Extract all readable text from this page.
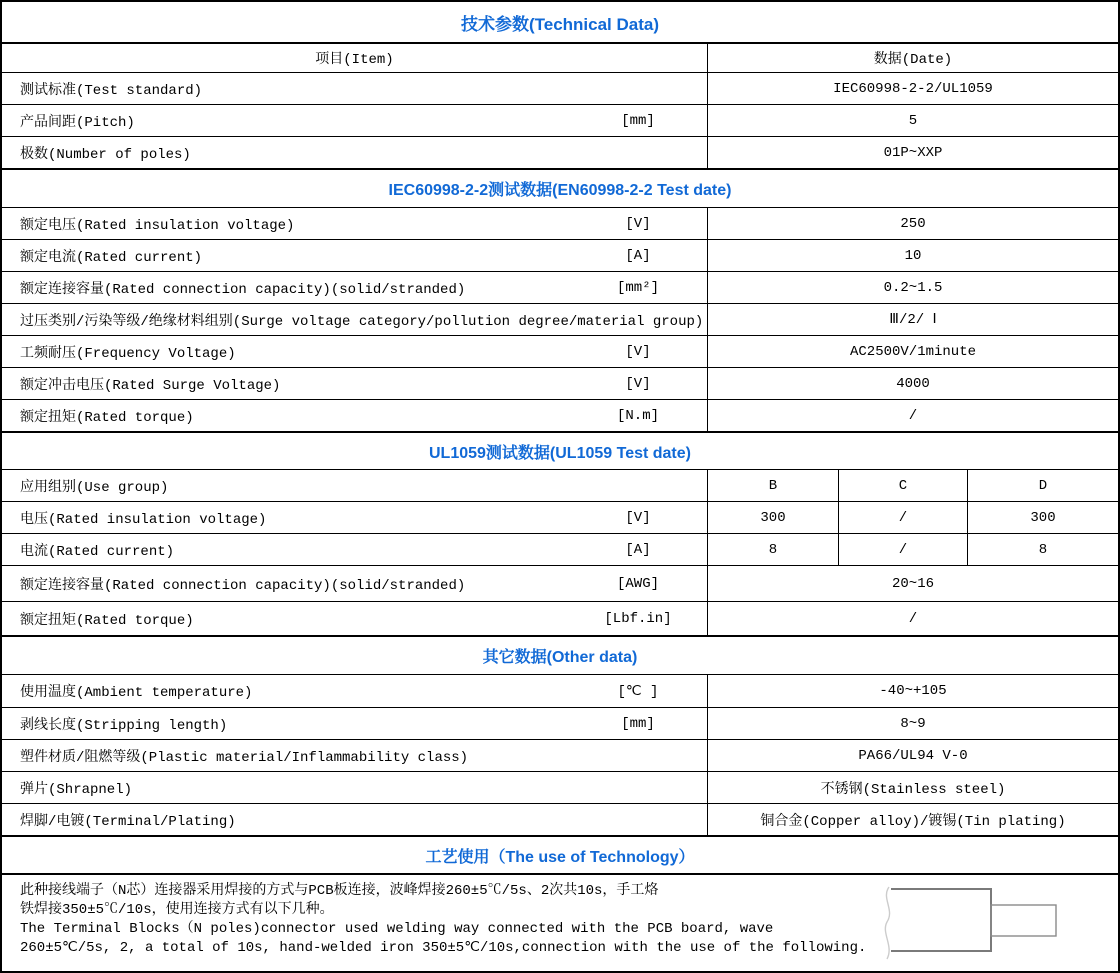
技术参数(Technical Data)
项目(Item)	数据(Date)
测试标准(Test standard)	IEC60998-2-2/UL1059
产品间距(Pitch)	[mm]	5
极数(Number of poles)	01P~XXP
IEC60998-2-2测试数据(EN60998-2-2 Test date)
额定电压(Rated insulation voltage)	[V]	250
额定电流(Rated current)	[A]	10
额定连接容量(Rated connection capacity)(solid/stranded)	[mm²]	0.2~1.5
过压类别/污染等级/绝缘材料组别(Surge voltage category/pollution degree/material group)	Ⅲ/2/ Ⅰ
工频耐压(Frequency Voltage)	[V]	AC2500V/1minute
额定冲击电压(Rated Surge Voltage)	[V]	4000
额定扭矩(Rated torque)	[N.m]	/
UL1059测试数据(UL1059 Test date)
应用组别(Use group)	B	C	D
电压(Rated insulation voltage)	[V]	300	/	300
电流(Rated current)	[A]	8	/	8
额定连接容量(Rated connection capacity)(solid/stranded)	[AWG]	20~16
额定扭矩(Rated torque)	[Lbf.in]	/
其它数据(Other data)
使用温度(Ambient temperature)	[℃ ]	-40~+105
剥线长度(Stripping length)	[mm]	8~9
塑件材质/阻燃等级(Plastic material/Inflammability class)	PA66/UL94 V-0
弹片(Shrapnel)	不锈钢(Stainless steel)
焊脚/电镀(Terminal/Plating)	铜合金(Copper alloy)/镀锡(Tin plating)
工艺使用（The use of Technology）
此种接线端子（N芯）连接器采用焊接的方式与PCB板连接，波峰焊接260±5℃/5s、2次共10s，手工烙
铁焊接350±5℃/10s，使用连接方式有以下几种。
The Terminal Blocks（N poles)connector used welding way connected with the PCB board, wave
260±5℃/5s, 2, a total of 10s, hand-welded iron 350±5℃/10s,connection with the use of the following.
